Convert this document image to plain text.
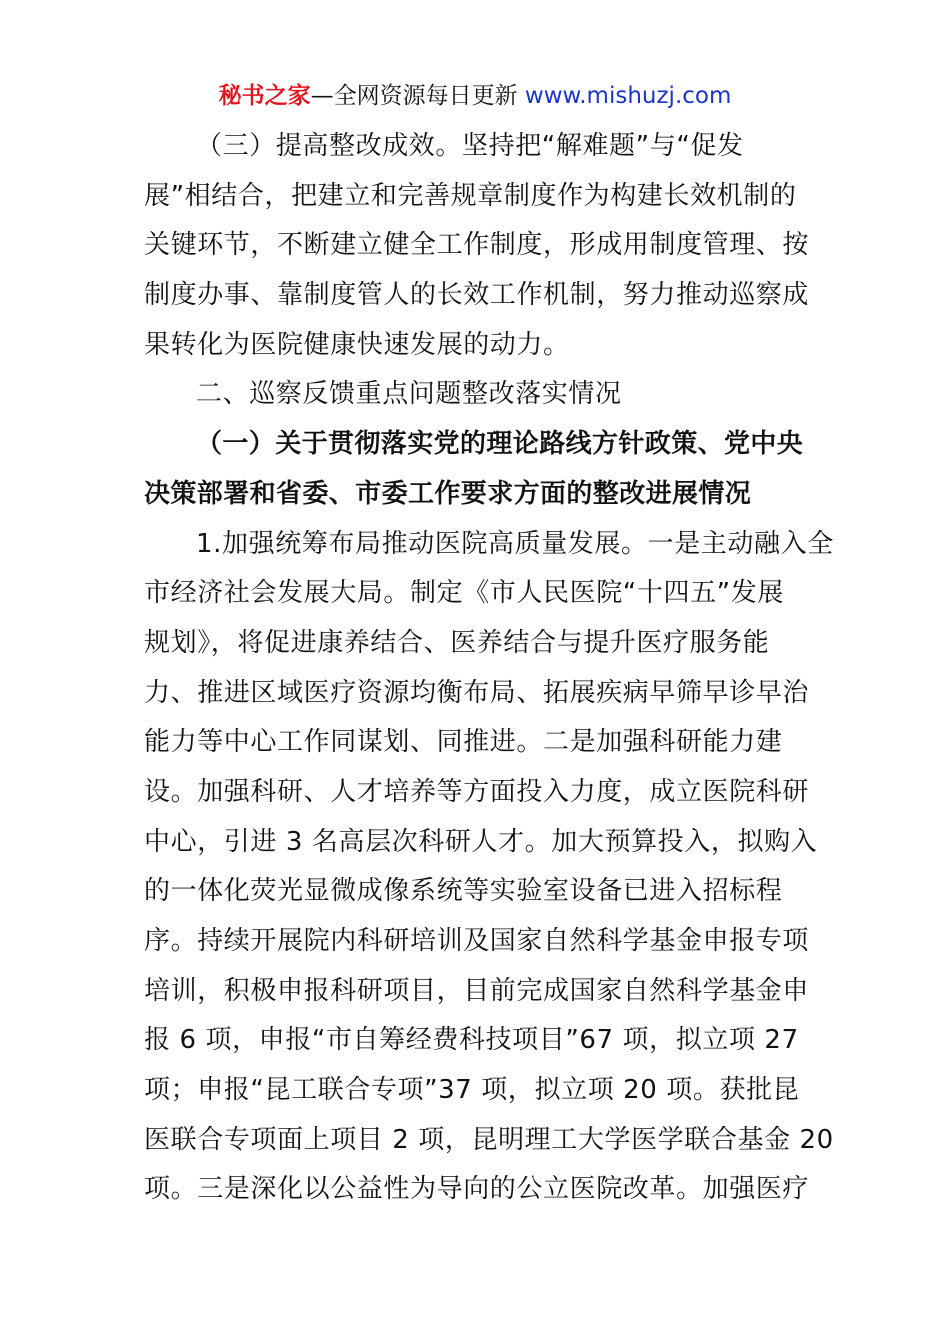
秘书之家—全网资源每日更新 www.mishuzj.com
（三）提高整改成效。坚持把“解难题”与“促发
展”相结合，把建立和完善规章制度作为构建长效机制的
关键环节，不断建立健全工作制度，形成用制度管理、按
制度办事、靠制度管人的长效工作机制，努力推动巡察成
果转化为医院健康快速发展的动力。
二、巡察反馈重点问题整改落实情况
（一）关于贯彻落实党的理论路线方针政策、党中央
决策部署和省委、市委工作要求方面的整改进展情况
1.加强统筹布局推动医院高质量发展。一是主动融入全
市经济社会发展大局。制定《市人民医院“十四五”发展
规划》，将促进康养结合、医养结合与提升医疗服务能
力、推进区域医疗资源均衡布局、拓展疾病早筛早诊早治
能力等中心工作同谋划、同推进。二是加强科研能力建
设。加强科研、人才培养等方面投入力度，成立医院科研
中心，引进 3 名高层次科研人才。加大预算投入，拟购入
的一体化荧光显微成像系统等实验室设备已进入招标程
序。持续开展院内科研培训及国家自然科学基金申报专项
培训，积极申报科研项目，目前完成国家自然科学基金申
报 6 项，申报“市自筹经费科技项目”67 项，拟立项 27
项；申报“昆工联合专项”37 项，拟立项 20 项。获批昆
医联合专项面上项目 2 项，昆明理工大学医学联合基金 20
项。三是深化以公益性为导向的公立医院改革。加强医疗
